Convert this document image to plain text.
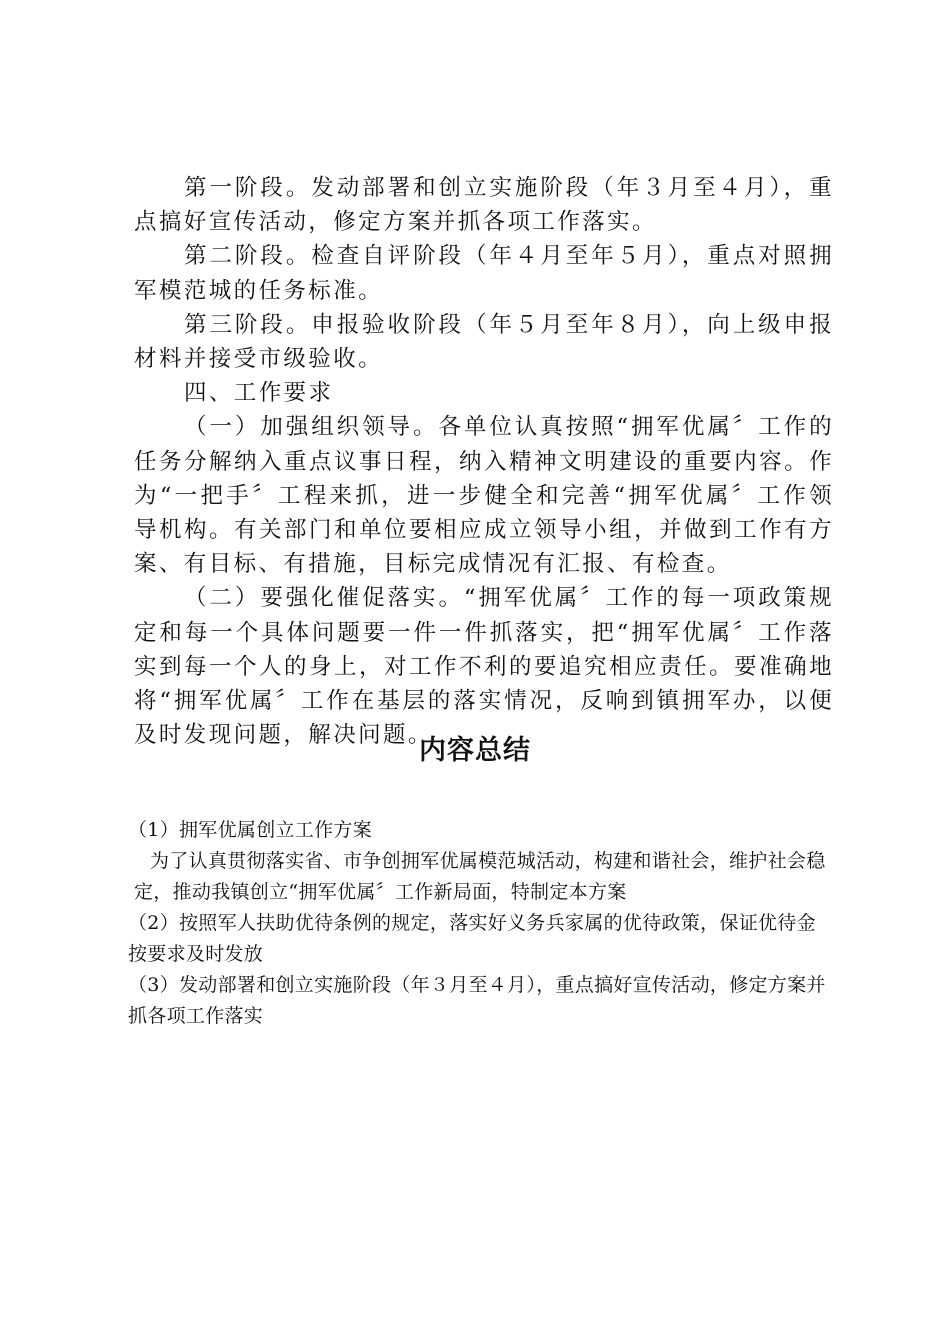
第一阶段。发动部署和创立实施阶段（年３月至４月），重点搞好宣传活动，修定方案并抓各项工作落实。

第二阶段。检查自评阶段（年４月至年５月），重点对照拥军模范城的任务标准。

第三阶段。申报验收阶段（年５月至年８月），向上级申报材料并接受市级验收。

四、工作要求

（一）加强组织领导。各单位认真按照“拥军优属〞工作的任务分解纳入重点议事日程，纳入精神文明建设的重要内容。作为“一把手〞工程来抓，进一步健全和完善“拥军优属〞工作领导机构。有关部门和单位要相应成立领导小组，并做到工作有方案、有目标、有措施，目标完成情况有汇报、有检查。

（二）要强化催促落实。“拥军优属〞工作的每一项政策规定和每一个具体问题要一件一件抓落实，把“拥军优属〞工作落实到每一个人的身上，对工作不利的要追究相应责任。要准确地将“拥军优属〞工作在基层的落实情况，反响到镇拥军办，以便及时发现问题，解决问题。

内容总结

（1）拥军优属创立工作方案

为了认真贯彻落实省、市争创拥军优属模范城活动，构建和谐社会，维护社会稳定，推动我镇创立“拥军优属〞工作新局面，特制定本方案

（2）按照军人扶助优待条例的规定，落实好义务兵家属的优待政策，保证优待金按要求及时发放

（3）发动部署和创立实施阶段（年３月至４月），重点搞好宣传活动，修定方案并抓各项工作落实
